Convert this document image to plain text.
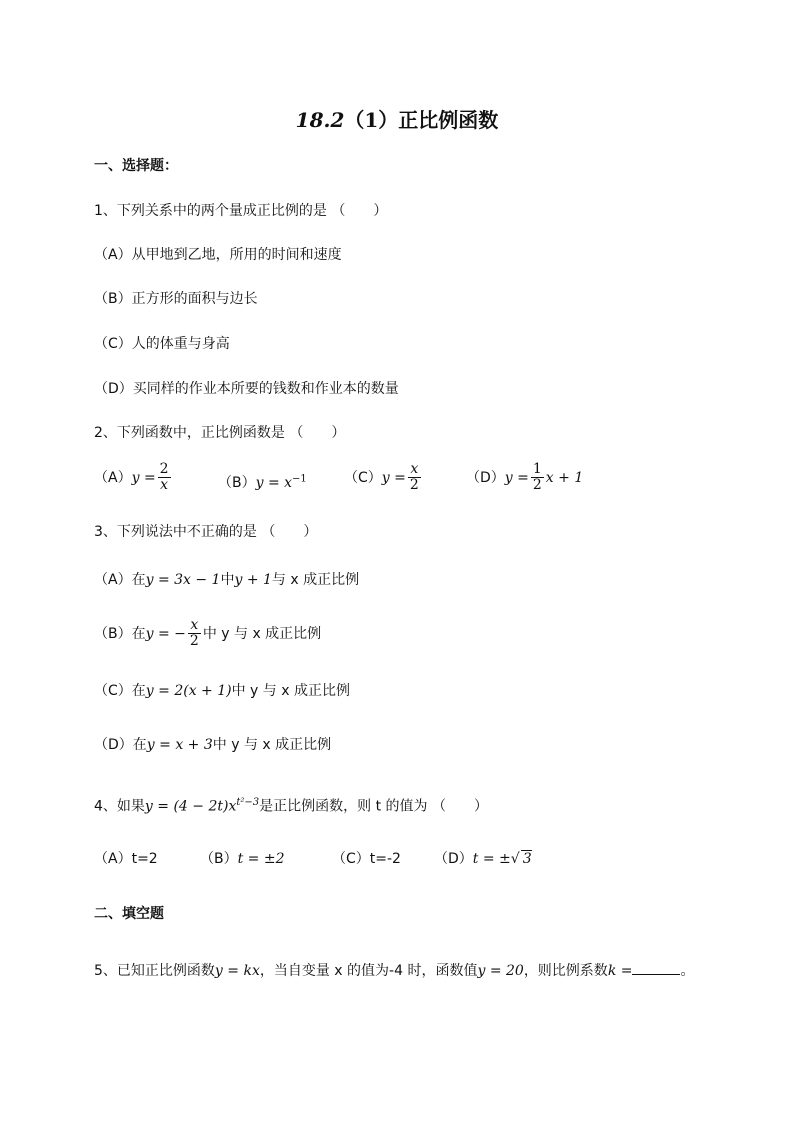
18.2（1）正比例函数
一、选择题：
1、下列关系中的两个量成正比例的是 （　　）
（A）从甲地到乙地，所用的时间和速度
（B）正方形的面积与边长
（C）人的体重与身高
（D）买同样的作业本所要的钱数和作业本的数量
2、下列函数中，正比例函数是 （　　）
$(A)y = \frac{2}{x}$	$(B)y = x^{-1}$	$(C)y = \frac{x}{2}$	$(D)y = \frac{1}{2}$ x + 1
3、下列说法中不正确的是 （　　）
（A）在y = 3x − 1中y + 1与 x 成正比例
（B）在y = − $\frac{x}{2}$ 中 y 与 x 成正比例
（C）在y = 2(x + 1)中 y 与 x 成正比例
（D）在y = x + 3中 y 与 x 成正比例
4、如果$y = (4 - 2t)x^{t^2-3}$是正比例函数，则 t 的值为 （　　）
（A）t=2	（B）t = ±2	（C）t=-2 （D）t = ±√ 3
二、填空题
5、已知正比例函数y = kx，当自变量 x 的值为-4 时，函数值y = 20，则比例系数k =	。
